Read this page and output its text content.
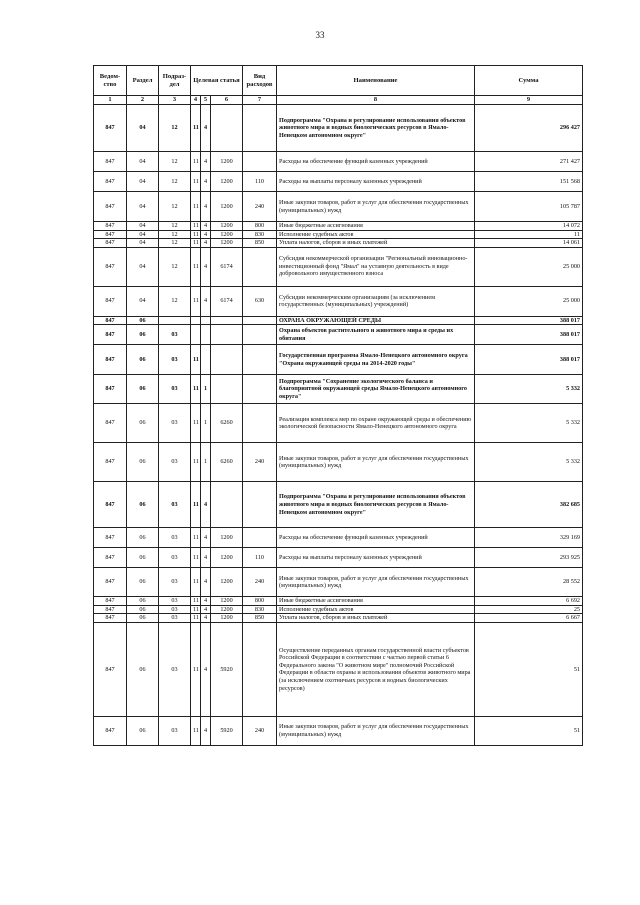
33
Ведом-ство	Раздел	Подраз-дел	Целевая статья			Вид расходов	Наименование	Сумма
1	2	3	4	5	6	7	8	9
847	04	12	11	4			Подпрограмма "Охрана и регулирование использования объектов животного мира и водных биологических ресурсов в Ямало-Ненецком автономном округе"	296 427
847	04	12	11	4	1200		Расходы на обеспечение функций казенных учреждений	271 427
847	04	12	11	4	1200	110	Расходы на выплаты персоналу казенных учреждений	151 568
847	04	12	11	4	1200	240	Иные закупки товаров, работ и услуг для обеспечения государственных (муниципальных) нужд	105 787
847	04	12	11	4	1200	800	Иные бюджетные ассигнования	14 072
847	04	12	11	4	1200	830	Исполнение судебных актов	11
847	04	12	11	4	1200	850	Уплата налогов, сборов и иных платежей	14 061
847	04	12	11	4	6174		Субсидия некоммерческой организации "Региональный инновационно-инвестиционный фонд "Ямал" на уставную деятельность в виде добровольного имущественного взноса	25 000
847	04	12	11	4	6174	630	Субсидии некоммерческим организациям (за исключением государственных (муниципальных) учреждений)	25 000
847	06						ОХРАНА ОКРУЖАЮЩЕЙ СРЕДЫ	388 017
847	06	03					Охрана объектов растительного и животного мира и среды их обитания	388 017
847	06	03	11				Государственная программа Ямало-Ненецкого автономного округа "Охрана окружающей среды на 2014-2020 годы"	388 017
847	06	03	11	1			Подпрограмма "Сохранение экологического баланса и благоприятной окружающей среды Ямало-Ненецкого автономного округа"	5 332
847	06	03	11	1	6260		Реализация комплекса мер по охране окружающей среды и обеспечению экологической безопасности Ямало-Ненецкого автономного округа	5 332
847	06	03	11	1	6260	240	Иные закупки товаров, работ и услуг для обеспечения государственных (муниципальных) нужд	5 332
847	06	03	11	4			Подпрограмма "Охрана и регулирование использования объектов животного мира и водных биологических ресурсов в Ямало-Ненецком автономном округе"	382 685
847	06	03	11	4	1200		Расходы на обеспечение функций казенных учреждений	329 169
847	06	03	11	4	1200	110	Расходы на выплаты персоналу казенных учреждений	293 925
847	06	03	11	4	1200	240	Иные закупки товаров, работ и услуг для обеспечения государственных (муниципальных) нужд	28 552
847	06	03	11	4	1200	800	Иные бюджетные ассигнования	6 692
847	06	03	11	4	1200	830	Исполнение судебных актов	25
847	06	03	11	4	1200	850	Уплата налогов, сборов и иных платежей	6 667
847	06	03	11	4	5920		Осуществление переданных органам государственной власти субъектов Российской Федерации в соответствии с частью первой статьи 6 Федерального закона "О животном мире" полномочий Российской Федерации в области охраны и использования объектов животного мира (за исключением охотничьих ресурсов и водных биологических ресурсов)	51
847	06	03	11	4	5920	240	Иные закупки товаров, работ и услуг для обеспечения государственных (муниципальных) нужд	51
